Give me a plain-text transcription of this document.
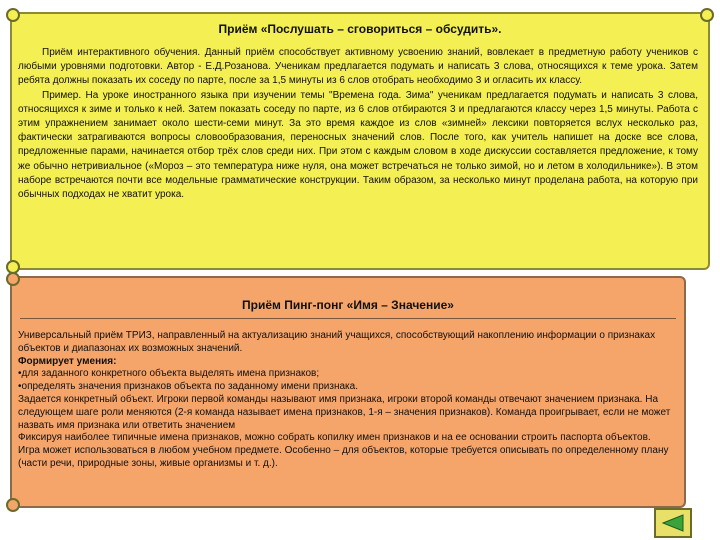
Приём «Послушать – сговориться – обсудить».

Приём интерактивного обучения. Данный приём способствует активному усвоению знаний, вовлекает в предметную работу учеников с любыми уровнями подготовки. Автор - Е.Д.Розанова. Ученикам предлагается подумать и написать 3 слова, относящихся к теме урока. Затем ребята должны показать их соседу по парте, после за 1,5 минуты из 6 слов отобрать необходимо 3 и огласить их классу.

Пример. На уроке иностранного языка при изучении темы "Времена года. Зима" ученикам предлагается подумать и написать 3 слова, относящихся к зиме и только к ней. Затем показать соседу по парте, из 6 слов отбираются 3 и предлагаются классу через 1,5 минуты. Работа с этим упражнением занимает около шести-семи минут. За это время каждое из слов «зимней» лексики повторяется вслух несколько раз, фактически затрагиваются вопросы словообразования, переносных значений слов. После того, как учитель напишет на доске все слова, предложенные парами, начинается отбор трёх слов среди них. При этом с каждым словом в ходе дискуссии составляется предложение, к тому же обычно нетривиальное («Мороз – это температура ниже нуля, она может встречаться не только зимой, но и летом в холодильнике»). В этом наборе встречаются почти все модельные грамматические конструкции. Таким образом, за несколько минут проделана работа, на которую при обычных подходах не хватит урока.

Приём Пинг-понг «Имя – Значение»

Универсальный приём ТРИЗ, направленный на актуализацию знаний учащихся, способствующий накоплению информации о признаках объектов и диапазонах их возможных значений.

Формирует умения:

•для заданного конкретного объекта выделять имена признаков;

•определять значения признаков объекта по заданному имени признака.

Задается конкретный объект. Игроки первой команды называют имя признака, игроки второй команды отвечают значением признака. На следующем шаге роли меняются (2-я команда называет имена признаков, 1-я – значения признаков). Команда проигрывает, если не может назвать имя признака или ответить значением

Фиксируя наиболее типичные имена признаков, можно собрать копилку имен признаков и на ее основании строить паспорта объектов. Игра может использоваться в любом учебном предмете. Особенно – для объектов, которые требуется описывать по определенному плану (части речи, природные зоны, живые организмы и т. д.).
